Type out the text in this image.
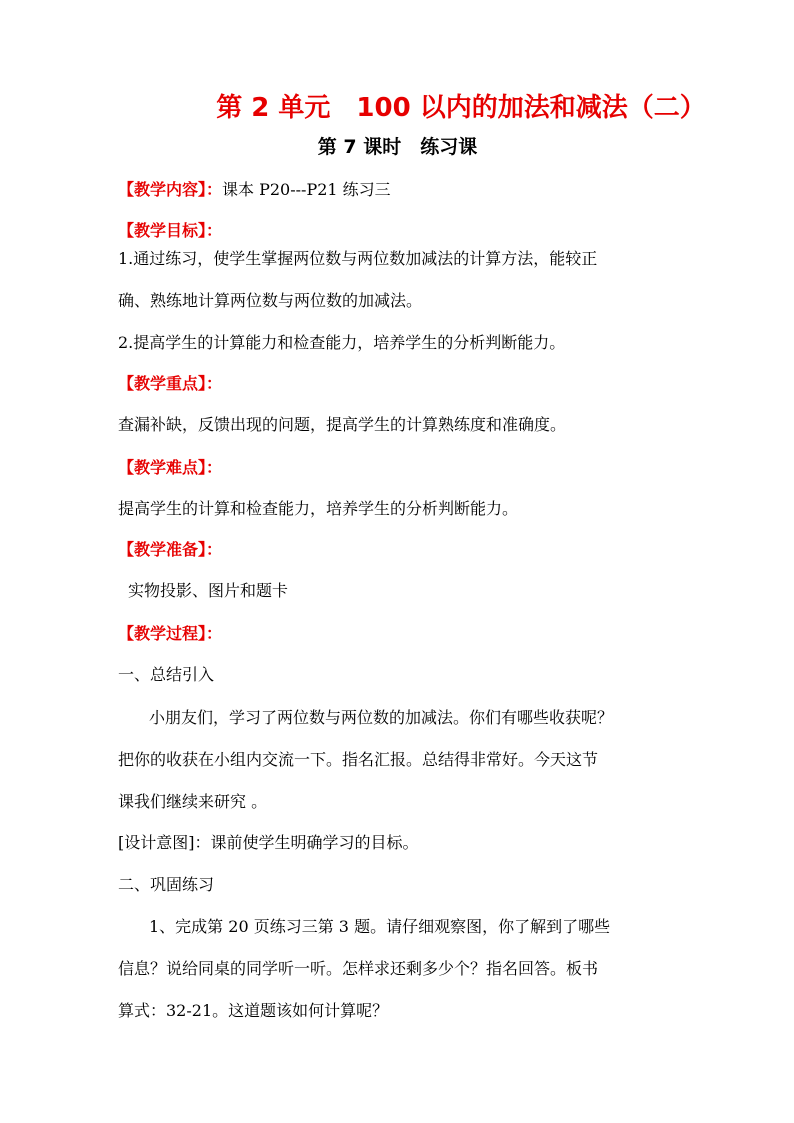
第 2 单元　100 以内的加法和减法（二）
第 7 课时　练习课
【教学内容】：课本 P20---P21 练习三
【教学目标】：
1.通过练习，使学生掌握两位数与两位数加减法的计算方法，能较正
确、熟练地计算两位数与两位数的加减法。
2.提高学生的计算能力和检查能力，培养学生的分析判断能力。
【教学重点】：
查漏补缺，反馈出现的问题，提高学生的计算熟练度和准确度。
【教学难点】：
提高学生的计算和检查能力，培养学生的分析判断能力。
【教学准备】：
实物投影、图片和题卡
【教学过程】：
一、总结引入
小朋友们，学习了两位数与两位数的加减法。你们有哪些收获呢？
把你的收获在小组内交流一下。指名汇报。总结得非常好。今天这节
课我们继续来研究 。
[设计意图]：课前使学生明确学习的目标。
二、巩固练习
1、完成第 20 页练习三第 3 题。请仔细观察图，你了解到了哪些
信息？说给同桌的同学听一听。怎样求还剩多少个？指名回答。板书
算式：32-21。这道题该如何计算呢？
